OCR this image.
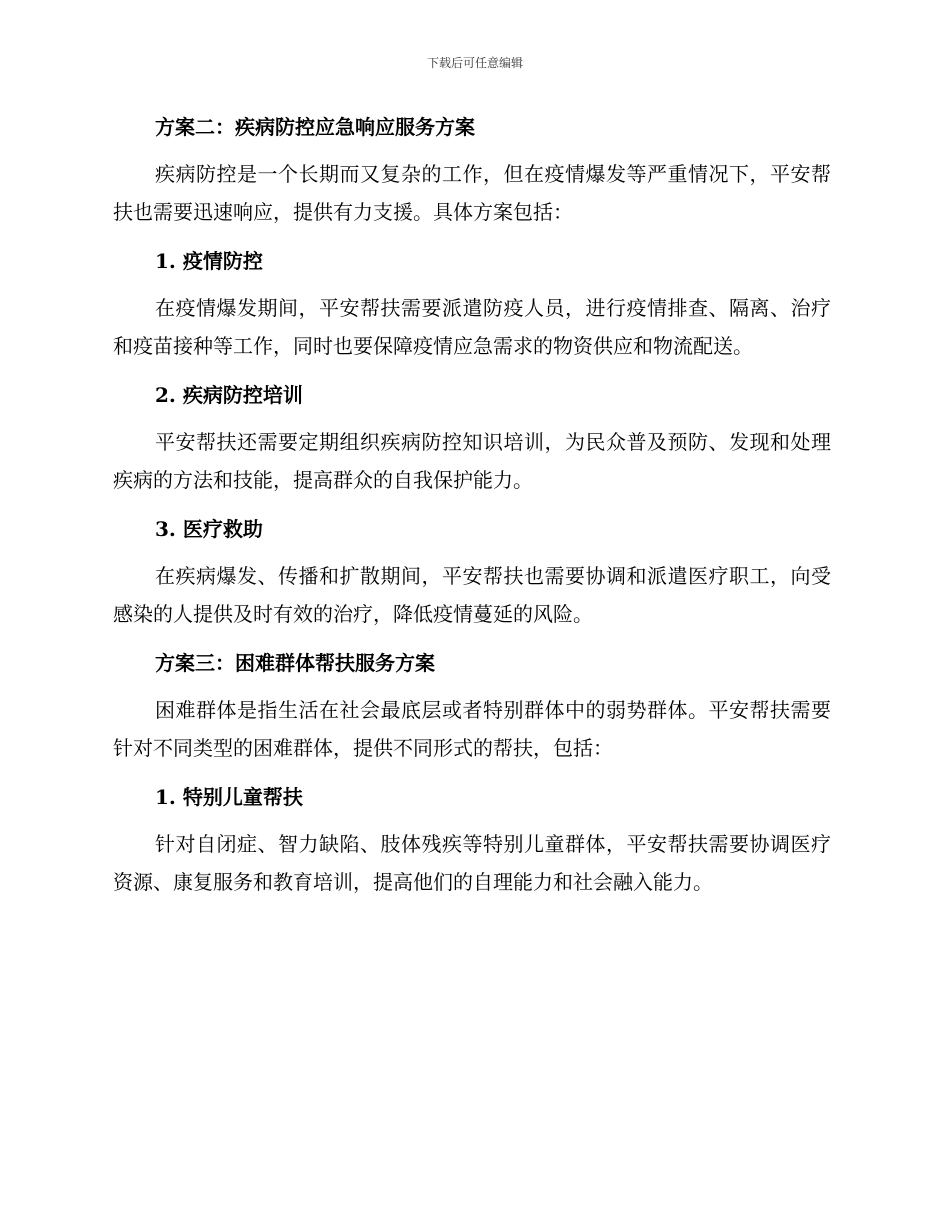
下载后可任意编辑

方案二：疾病防控应急响应服务方案

疾病防控是一个长期而又复杂的工作，但在疫情爆发等严重情况下，平安帮扶也需要迅速响应，提供有力支援。具体方案包括：

1. 疫情防控

在疫情爆发期间，平安帮扶需要派遣防疫人员，进行疫情排查、隔离、治疗和疫苗接种等工作，同时也要保障疫情应急需求的物资供应和物流配送。

2. 疾病防控培训

平安帮扶还需要定期组织疾病防控知识培训，为民众普及预防、发现和处理疾病的方法和技能，提高群众的自我保护能力。

3. 医疗救助

在疾病爆发、传播和扩散期间，平安帮扶也需要协调和派遣医疗职工，向受感染的人提供及时有效的治疗，降低疫情蔓延的风险。

方案三：困难群体帮扶服务方案

困难群体是指生活在社会最底层或者特别群体中的弱势群体。平安帮扶需要针对不同类型的困难群体，提供不同形式的帮扶，包括：

1. 特别儿童帮扶

针对自闭症、智力缺陷、肢体残疾等特别儿童群体，平安帮扶需要协调医疗资源、康复服务和教育培训，提高他们的自理能力和社会融入能力。
